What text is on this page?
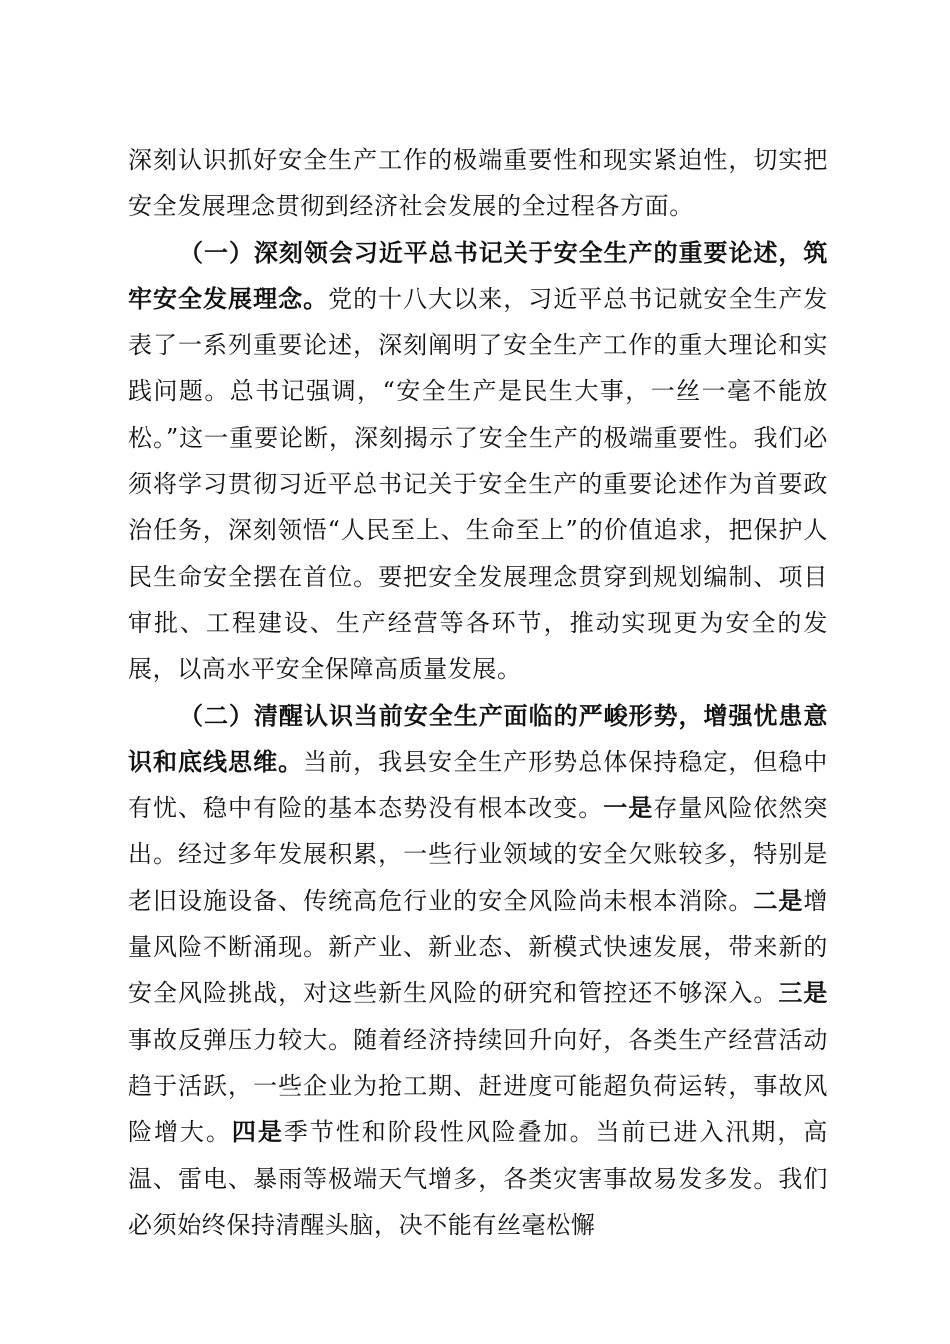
深刻认识抓好安全生产工作的极端重要性和现实紧迫性，切实把安全发展理念贯彻到经济社会发展的全过程各方面。

（一）深刻领会习近平总书记关于安全生产的重要论述，筑牢安全发展理念。党的十八大以来，习近平总书记就安全生产发表了一系列重要论述，深刻阐明了安全生产工作的重大理论和实践问题。总书记强调，“安全生产是民生大事，一丝一毫不能放松。”这一重要论断，深刻揭示了安全生产的极端重要性。我们必须将学习贯彻习近平总书记关于安全生产的重要论述作为首要政治任务，深刻领悟“人民至上、生命至上”的价值追求，把保护人民生命安全摆在首位。要把安全发展理念贯穿到规划编制、项目审批、工程建设、生产经营等各环节，推动实现更为安全的发展，以高水平安全保障高质量发展。

（二）清醒认识当前安全生产面临的严峻形势，增强忧患意识和底线思维。当前，我县安全生产形势总体保持稳定，但稳中有忧、稳中有险的基本态势没有根本改变。一是存量风险依然突出。经过多年发展积累，一些行业领域的安全欠账较多，特别是老旧设施设备、传统高危行业的安全风险尚未根本消除。二是增量风险不断涌现。新产业、新业态、新模式快速发展，带来新的安全风险挑战，对这些新生风险的研究和管控还不够深入。三是事故反弹压力较大。随着经济持续回升向好，各类生产经营活动趋于活跃，一些企业为抢工期、赶进度可能超负荷运转，事故风险增大。四是季节性和阶段性风险叠加。当前已进入汛期，高温、雷电、暴雨等极端天气增多，各类灾害事故易发多发。我们必须始终保持清醒头脑，决不能有丝毫松懈
